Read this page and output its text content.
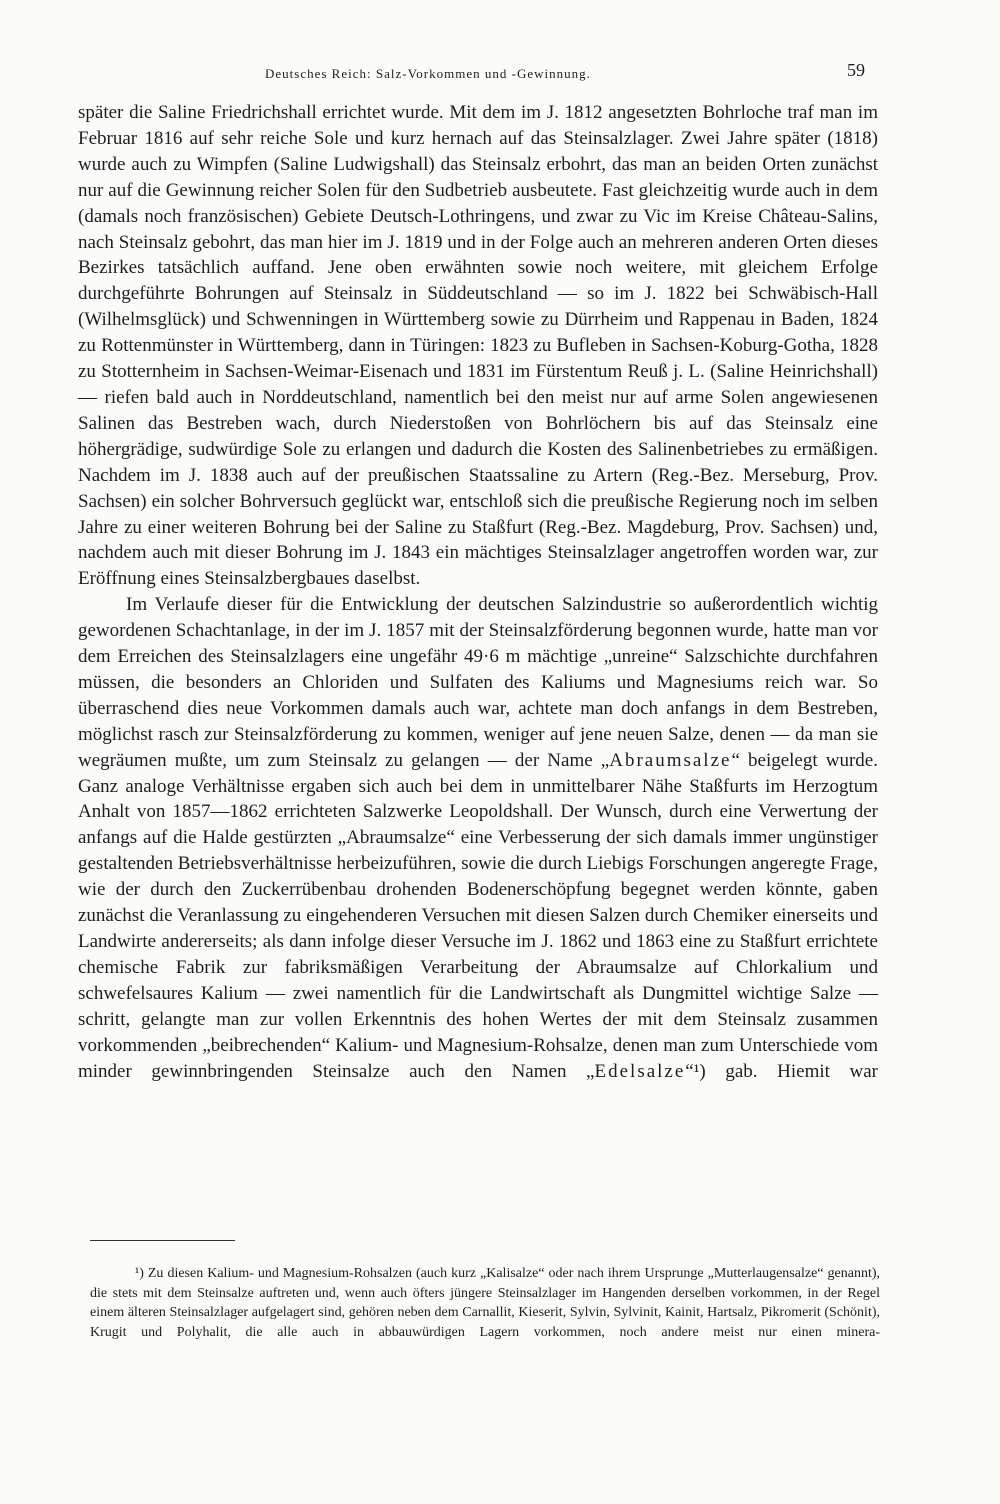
Deutsches Reich: Salz-Vorkommen und -Gewinnung.	59

später die Saline Friedrichshall errichtet wurde. Mit dem im J. 1812 angesetzten Bohrloche traf man im Februar 1816 auf sehr reiche Sole und kurz hernach auf das Steinsalzlager. Zwei Jahre später (1818) wurde auch zu Wimpfen (Saline Ludwigshall) das Steinsalz erbohrt, das man an beiden Orten zunächst nur auf die Gewinnung reicher Solen für den Sudbetrieb ausbeutete. Fast gleichzeitig wurde auch in dem (damals noch französischen) Gebiete Deutsch-Lothringens, und zwar zu Vic im Kreise Château-Salins, nach Steinsalz gebohrt, das man hier im J. 1819 und in der Folge auch an mehreren anderen Orten dieses Bezirkes tatsächlich auffand. Jene oben erwähnten sowie noch weitere, mit gleichem Erfolge durchgeführte Bohrungen auf Steinsalz in Süddeutschland — so im J. 1822 bei Schwäbisch-Hall (Wilhelmsglück) und Schwenningen in Württemberg sowie zu Dürrheim und Rappenau in Baden, 1824 zu Rottenmünster in Württemberg, dann in Türingen: 1823 zu Bufleben in Sachsen-Koburg-Gotha, 1828 zu Stotternheim in Sachsen-Weimar-Eisenach und 1831 im Fürstentum Reuß j. L. (Saline Heinrichshall) — riefen bald auch in Norddeutschland, namentlich bei den meist nur auf arme Solen angewiesenen Salinen das Bestreben wach, durch Niederstoßen von Bohrlöchern bis auf das Steinsalz eine höhergrädige, sudwürdige Sole zu erlangen und dadurch die Kosten des Salinenbetriebes zu ermäßigen. Nachdem im J. 1838 auch auf der preußischen Staatssaline zu Artern (Reg.-Bez. Merseburg, Prov. Sachsen) ein solcher Bohrversuch geglückt war, entschloß sich die preußische Regierung noch im selben Jahre zu einer weiteren Bohrung bei der Saline zu Staßfurt (Reg.-Bez. Magdeburg, Prov. Sachsen) und, nachdem auch mit dieser Bohrung im J. 1843 ein mächtiges Steinsalzlager angetroffen worden war, zur Eröffnung eines Steinsalzbergbaues daselbst.

Im Verlaufe dieser für die Entwicklung der deutschen Salzindustrie so außerordentlich wichtig gewordenen Schachtanlage, in der im J. 1857 mit der Steinsalzförderung begonnen wurde, hatte man vor dem Erreichen des Steinsalzlagers eine ungefähr 49·6 m mächtige „unreine“ Salzschichte durchfahren müssen, die besonders an Chloriden und Sulfaten des Kaliums und Magnesiums reich war. So überraschend dies neue Vorkommen damals auch war, achtete man doch anfangs in dem Bestreben, möglichst rasch zur Steinsalzförderung zu kommen, weniger auf jene neuen Salze, denen — da man sie wegräumen mußte, um zum Steinsalz zu gelangen — der Name „Abraumsalze“ beigelegt wurde. Ganz analoge Verhältnisse ergaben sich auch bei dem in unmittelbarer Nähe Staßfurts im Herzogtum Anhalt von 1857—1862 errichteten Salzwerke Leopoldshall. Der Wunsch, durch eine Verwertung der anfangs auf die Halde gestürzten „Abraumsalze“ eine Verbesserung der sich damals immer ungünstiger gestaltenden Betriebsverhältnisse herbeizuführen, sowie die durch Liebigs Forschungen angeregte Frage, wie der durch den Zuckerrübenbau drohenden Bodenerschöpfung begegnet werden könnte, gaben zunächst die Veranlassung zu eingehenderen Versuchen mit diesen Salzen durch Chemiker einerseits und Landwirte andererseits; als dann infolge dieser Versuche im J. 1862 und 1863 eine zu Staßfurt errichtete chemische Fabrik zur fabriksmäßigen Verarbeitung der Abraumsalze auf Chlorkalium und schwefelsaures Kalium — zwei namentlich für die Landwirtschaft als Dungmittel wichtige Salze — schritt, gelangte man zur vollen Erkenntnis des hohen Wertes der mit dem Steinsalz zusammen vorkommenden „beibrechenden“ Kalium- und Magnesium-Rohsalze, denen man zum Unterschiede vom minder gewinnbringenden Steinsalze auch den Namen „Edelsalze“¹) gab. Hiemit war

¹) Zu diesen Kalium- und Magnesium-Rohsalzen (auch kurz „Kalisalze“ oder nach ihrem Ursprunge „Mutterlaugensalze“ genannt), die stets mit dem Steinsalze auftreten und, wenn auch öfters jüngere Steinsalzlager im Hangenden derselben vorkommen, in der Regel einem älteren Steinsalzlager aufgelagert sind, gehören neben dem Carnallit, Kieserit, Sylvin, Sylvinit, Kainit, Hartsalz, Pikromerit (Schönit), Krugit und Polyhalit, die alle auch in abbauwürdigen Lagern vorkommen, noch andere meist nur einen minera-
